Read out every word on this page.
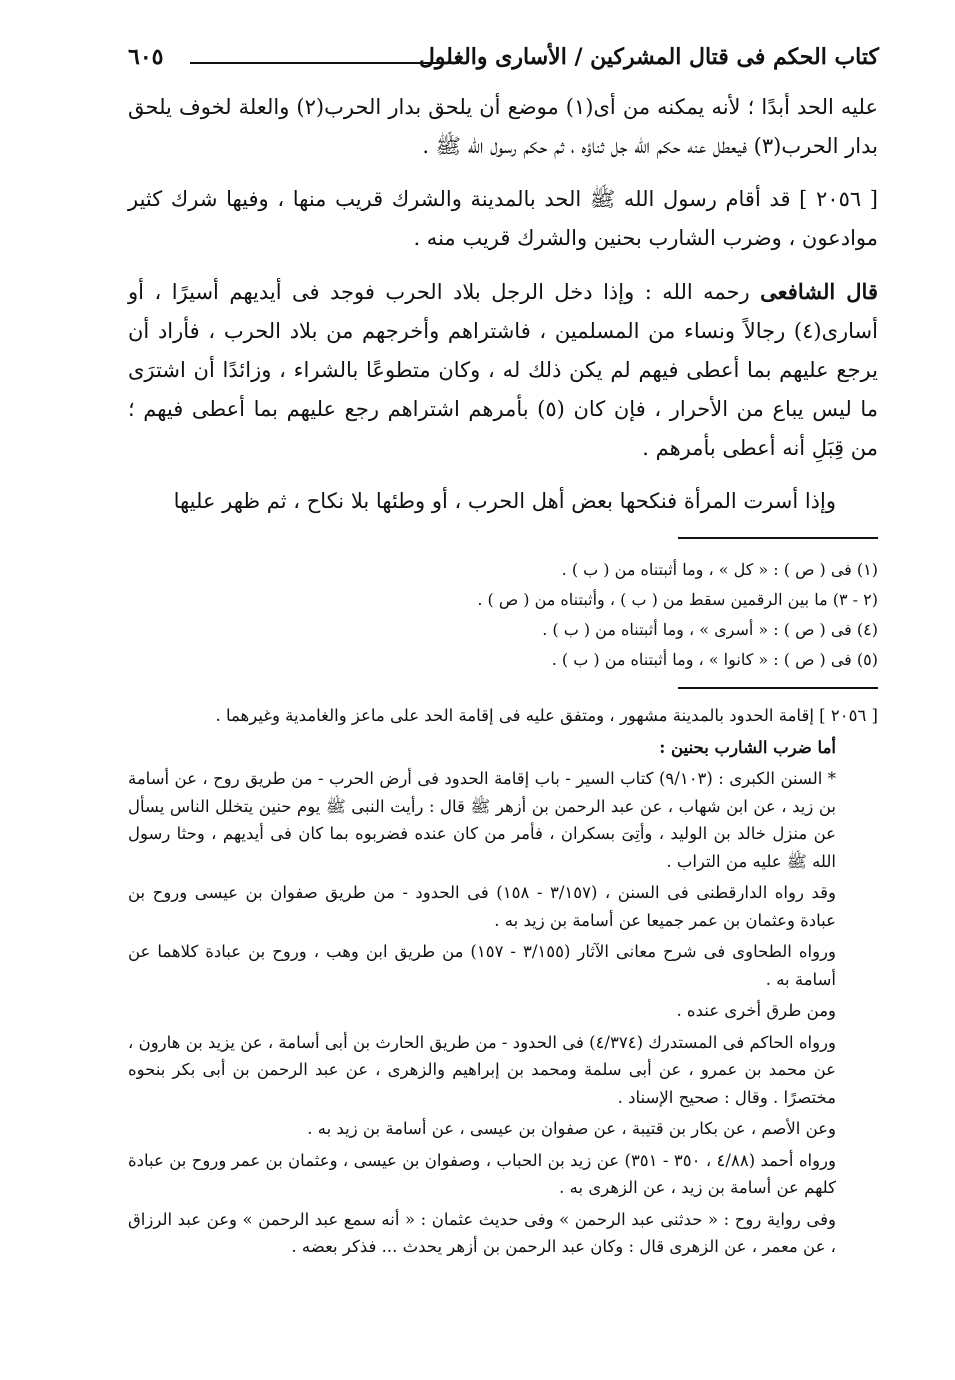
كتاب الحكم فى قتال المشركين / الأسارى والغلول
٦٠٥

عليه الحد أبدًا ؛ لأنه يمكنه من أى(١) موضع أن يلحق بدار الحرب(٢) والعلة لخوف يلحق بدار الحرب(٣) فيعطل عنه حكم الله جل ثناؤه ، ثم حكم رسول الله ﷺ .

[ ٢٠٥٦ ] قد أقام رسول الله ﷺ الحد بالمدينة والشرك قريب منها ، وفيها شرك كثير موادعون ، وضرب الشارب بحنين والشرك قريب منه .

قال الشافعى رحمه الله : وإذا دخل الرجل بلاد الحرب فوجد فى أيديهم أسيرًا ، أو أسارى(٤) رجالاً ونساء من المسلمين ، فاشتراهم وأخرجهم من بلاد الحرب ، فأراد أن يرجع عليهم بما أعطى فيهم لم يكن ذلك له ، وكان متطوعًا بالشراء ، وزائدًا أن اشترَى ما ليس يباع من الأحرار ، فإن كان (٥) بأمرهم اشتراهم رجع عليهم بما أعطى فيهم ؛ من قِبَلِ أنه أعطى بأمرهم .

وإذا أسرت المرأة فنكحها بعض أهل الحرب ، أو وطئها بلا نكاح ، ثم ظهر عليها

(١) فى ( ص ) : « كل » ، وما أثبتناه من ( ب ) .
(٢ - ٣) ما بين الرقمين سقط من ( ب ) ، وأثبتناه من ( ص ) .
(٤) فى ( ص ) : « أسرى » ، وما أثبتناه من ( ب ) .
(٥) فى ( ص ) : « كانوا » ، وما أثبتناه من ( ب ) .

[ ٢٠٥٦ ] إقامة الحدود بالمدينة مشهور ، ومتفق عليه فى إقامة الحد على ماعز والغامدية وغيرهما .

أما ضرب الشارب بحنين :

* السنن الكبرى : (٩/١٠٣) كتاب السير - باب إقامة الحدود فى أرض الحرب - من طريق روح ، عن أسامة بن زيد ، عن ابن شهاب ، عن عبد الرحمن بن أزهر ﷺ قال : رأيت النبى ﷺ يوم حنين يتخلل الناس يسأل عن منزل خالد بن الوليد ، وأتِىَ بسكران ، فأمر من كان عنده فضربوه بما كان فى أيديهم ، وحثا رسول الله ﷺ عليه من التراب .

وقد رواه الدارقطنى فى السنن ، (٣/١٥٧ - ١٥٨) فى الحدود - من طريق صفوان بن عيسى وروح بن عبادة وعثمان بن عمر جميعا عن أسامة بن زيد به .

ورواه الطحاوى فى شرح معانى الآثار (٣/١٥٥ - ١٥٧) من طريق ابن وهب ، وروح بن عبادة كلاهما عن أسامة به .

ومن طرق أخرى عنده .

ورواه الحاكم فى المستدرك (٤/٣٧٤) فى الحدود - من طريق الحارث بن أبى أسامة ، عن يزيد بن هارون ، عن محمد بن عمرو ، عن أبى سلمة ومحمد بن إبراهيم والزهرى ، عن عبد الرحمن بن أبى بكر بنحوه مختصرًا . وقال : صحيح الإسناد .

وعن الأصم ، عن بكار بن قتيبة ، عن صفوان بن عيسى ، عن أسامة بن زيد به .

ورواه أحمد (٤/٨٨ ، ٣٥٠ - ٣٥١) عن زيد بن الحباب ، وصفوان بن عيسى ، وعثمان بن عمر وروح بن عبادة كلهم عن أسامة بن زيد ، عن الزهرى به .

وفى رواية روح : « حدثنى عبد الرحمن » وفى حديث عثمان : « أنه سمع عبد الرحمن » وعن عبد الرزاق ، عن معمر ، عن الزهرى قال : وكان عبد الرحمن بن أزهر يحدث ... فذكر بعضه .
